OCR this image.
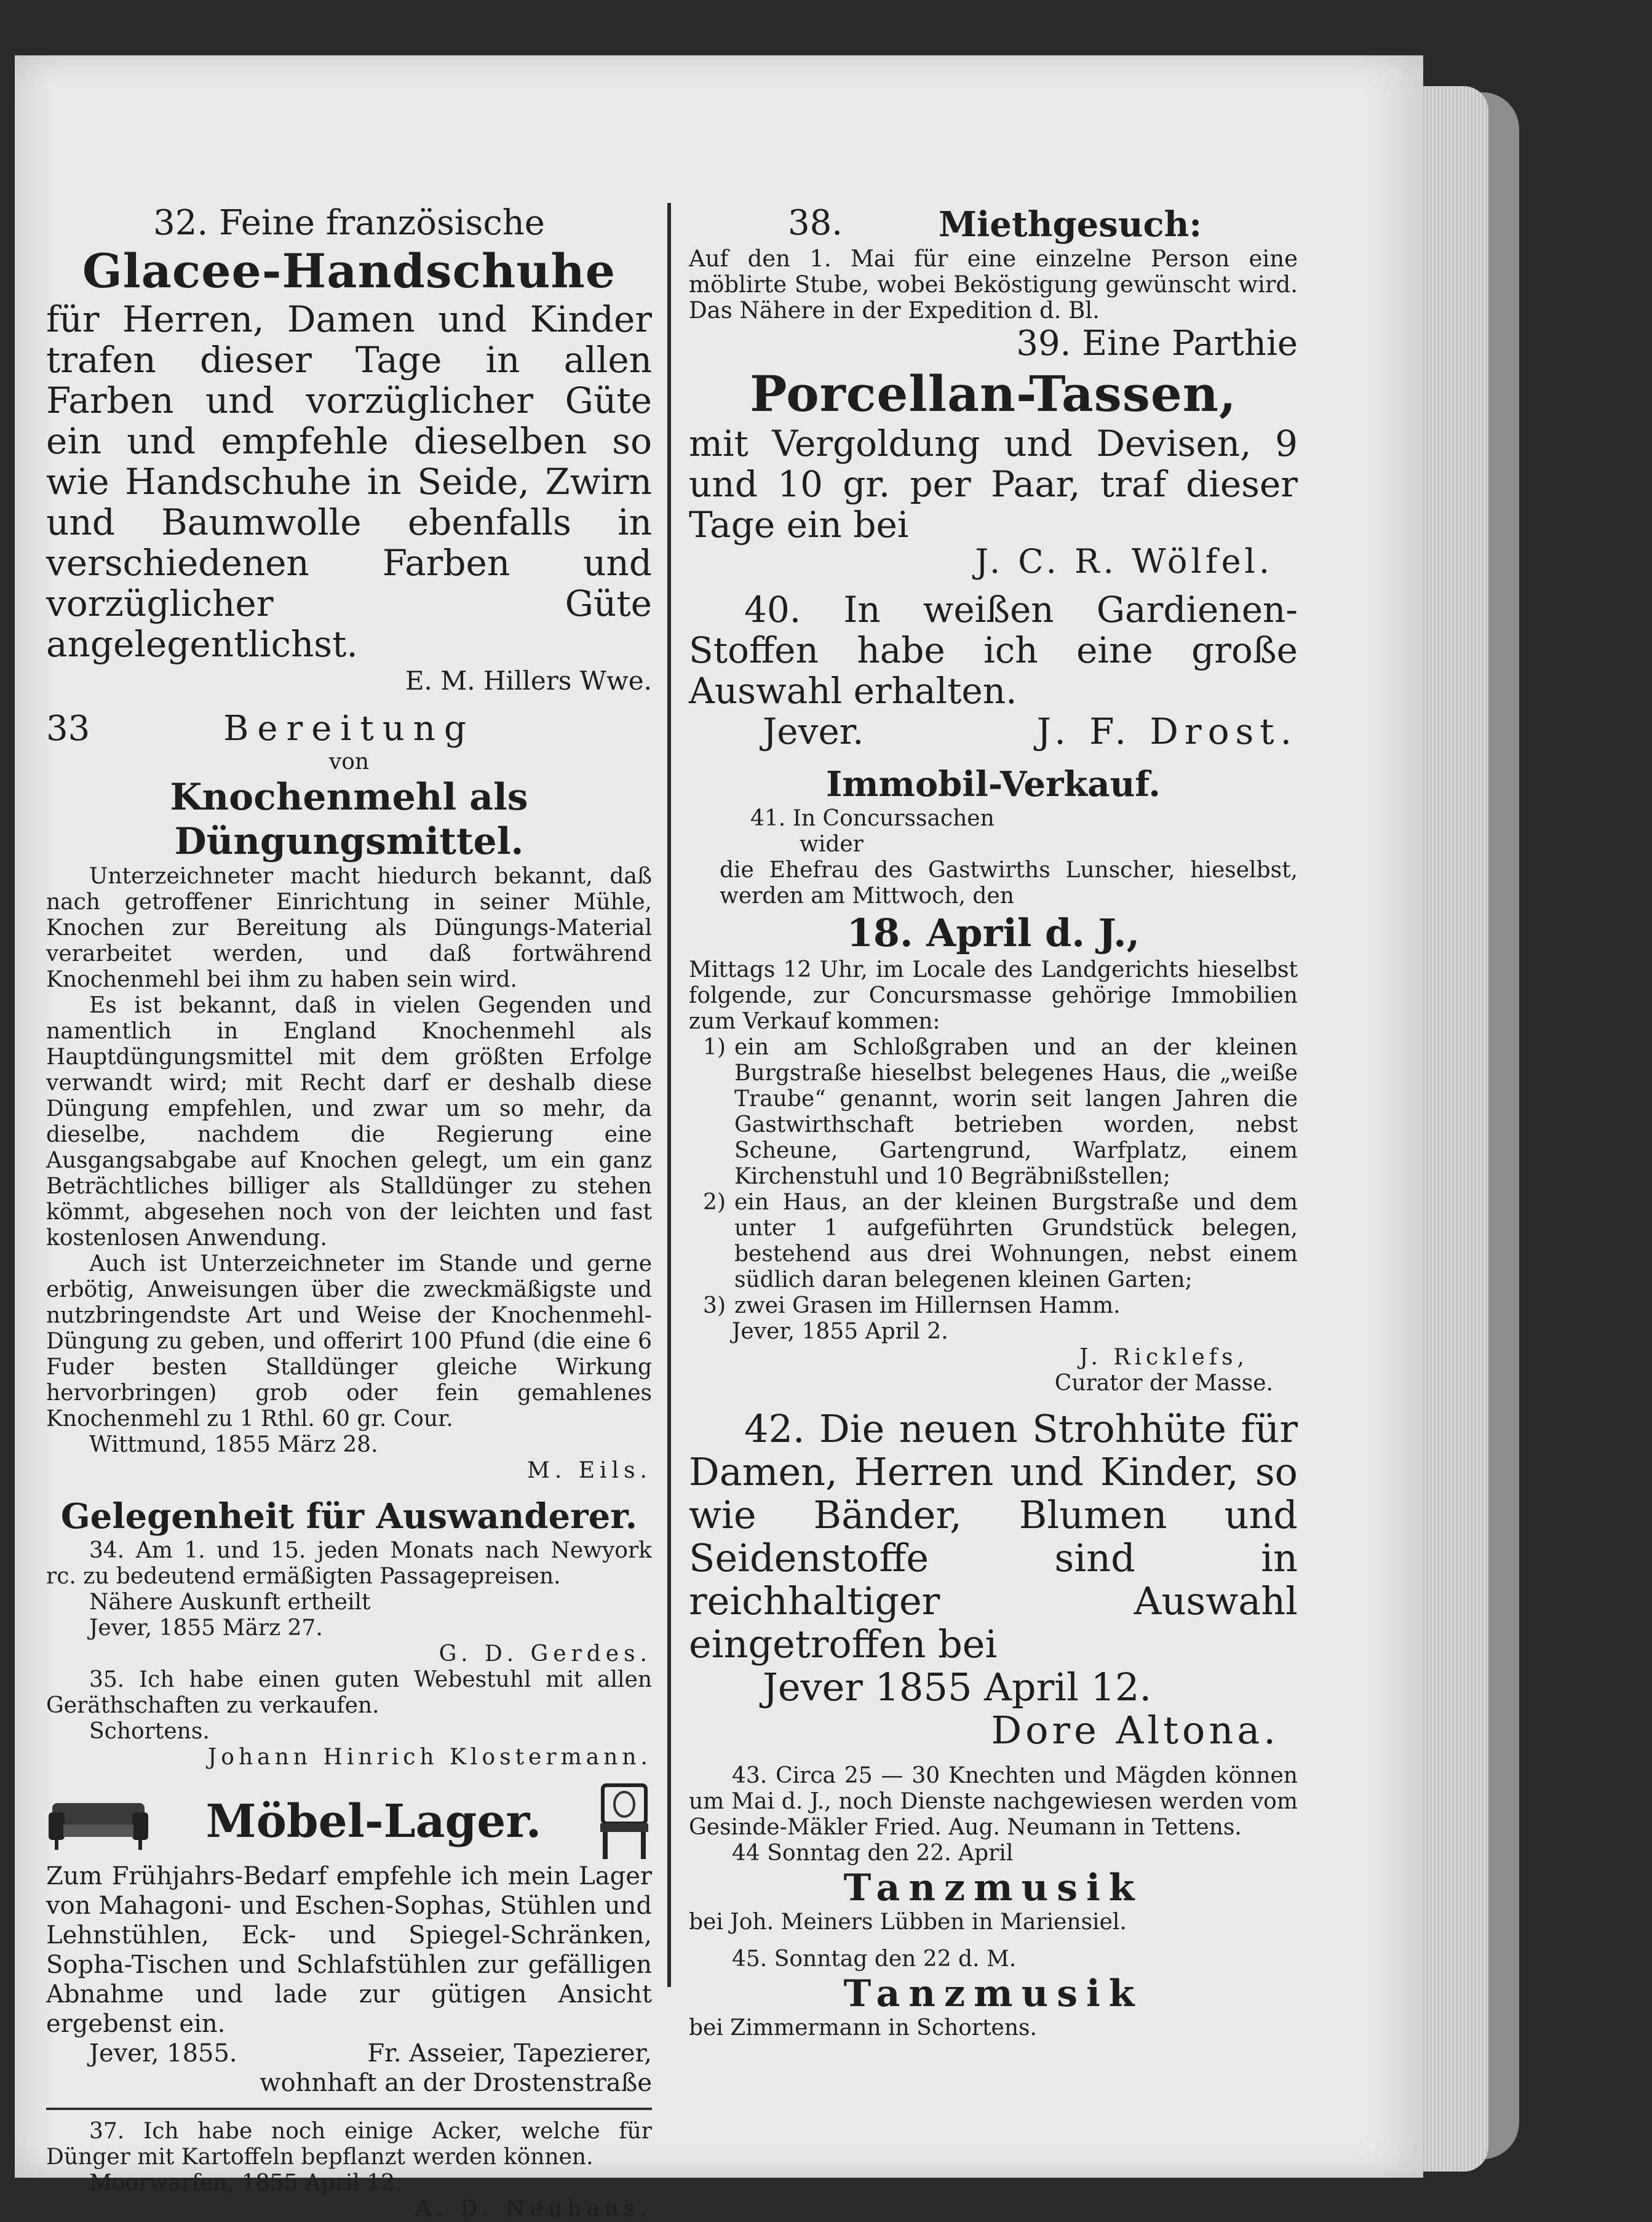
32. Feine französische
Glacee-Handschuhe
für Herren, Damen und Kinder trafen dieser Tage in allen Farben und vorzüglicher Güte ein und empfehle dieselben so wie Handschuhe in Seide, Zwirn und Baumwolle ebenfalls in verschiedenen Farben und vorzüglicher Güte angelegentlichst.
E. M. Hillers Wwe.
33	Bereitung
von
Knochenmehl als Düngungsmittel.
Unterzeichneter macht hiedurch bekannt, daß nach getroffener Einrichtung in seiner Mühle, Knochen zur Bereitung als Düngungs-Material verarbeitet werden, und daß fortwährend Knochenmehl bei ihm zu haben sein wird.
Es ist bekannt, daß in vielen Gegenden und namentlich in England Knochenmehl als Hauptdüngungsmittel mit dem größten Erfolge verwandt wird; mit Recht darf er deshalb diese Düngung empfehlen, und zwar um so mehr, da dieselbe, nachdem die Regierung eine Ausgangsabgabe auf Knochen gelegt, um ein ganz Beträchtliches billiger als Stalldünger zu stehen kömmt, abgesehen noch von der leichten und fast kostenlosen Anwendung.
Auch ist Unterzeichneter im Stande und gerne erbötig, Anweisungen über die zweckmäßigste und nutzbringendste Art und Weise der Knochenmehl-Düngung zu geben, und offerirt 100 Pfund (die eine 6 Fuder besten Stalldünger gleiche Wirkung hervorbringen) grob oder fein gemahlenes Knochenmehl zu 1 Rthl. 60 gr. Cour.
Wittmund, 1855 März 28.
M. Eils.
Gelegenheit für Auswanderer.
34. Am 1. und 15. jeden Monats nach Newyork rc. zu bedeutend ermäßigten Passagepreisen.
Nähere Auskunft ertheilt
Jever, 1855 März 27.
G. D. Gerdes.
35. Ich habe einen guten Webestuhl mit allen Geräthschaften zu verkaufen.
Schortens.
Johann Hinrich Klostermann.
Möbel-Lager.
Zum Frühjahrs-Bedarf empfehle ich mein Lager von Mahagoni- und Eschen-Sophas, Stühlen und Lehnstühlen, Eck- und Spiegel-Schränken, Sopha-Tischen und Schlafstühlen zur gefälligen Abnahme und lade zur gütigen Ansicht ergebenst ein.
Jever, 1855.	Fr. Asseier, Tapezierer,
wohnhaft an der Drostenstraße
37. Ich habe noch einige Acker, welche für Dünger mit Kartoffeln bepflanzt werden können.
Moorwarfen, 1855 April 12.
A. D. Neuhaus.
38.	Miethgesuch:
Auf den 1. Mai für eine einzelne Person eine möblirte Stube, wobei Beköstigung gewünscht wird. Das Nähere in der Expedition d. Bl.
39. Eine Parthie
Porcellan-Tassen,
mit Vergoldung und Devisen, 9 und 10 gr. per Paar, traf dieser Tage ein bei
J. C. R. Wölfel.
40. In weißen Gardienen-Stoffen habe ich eine große Auswahl erhalten.
Jever.	J. F. Drost.
Immobil-Verkauf.
41. In Concurssachen
wider
die Ehefrau des Gastwirths Lunscher, hieselbst, werden am Mittwoch, den
18. April d. J.,
Mittags 12 Uhr, im Locale des Landgerichts hieselbst folgende, zur Concursmasse gehörige Immobilien zum Verkauf kommen:
1) ein am Schloßgraben und an der kleinen Burgstraße hieselbst belegenes Haus, die „weiße Traube“ genannt, worin seit langen Jahren die Gastwirthschaft betrieben worden, nebst Scheune, Gartengrund, Warfplatz, einem Kirchenstuhl und 10 Begräbnißstellen;
2) ein Haus, an der kleinen Burgstraße und dem unter 1 aufgeführten Grundstück belegen, bestehend aus drei Wohnungen, nebst einem südlich daran belegenen kleinen Garten;
3) zwei Grasen im Hillernsen Hamm.
Jever, 1855 April 2.
J. Ricklefs,
Curator der Masse.
42. Die neuen Strohhüte für Damen, Herren und Kinder, so wie Bänder, Blumen und Seidenstoffe sind in reichhaltiger Auswahl eingetroffen bei
Jever 1855 April 12.
Dore Altona.
43. Circa 25 — 30 Knechten und Mägden können um Mai d. J., noch Dienste nachgewiesen werden vom Gesinde-Mäkler Fried. Aug. Neumann in Tettens.
44 Sonntag den 22. April
Tanzmusik
bei Joh. Meiners Lübben in Mariensiel.
45. Sonntag den 22 d. M.
Tanzmusik
bei Zimmermann in Schortens.
